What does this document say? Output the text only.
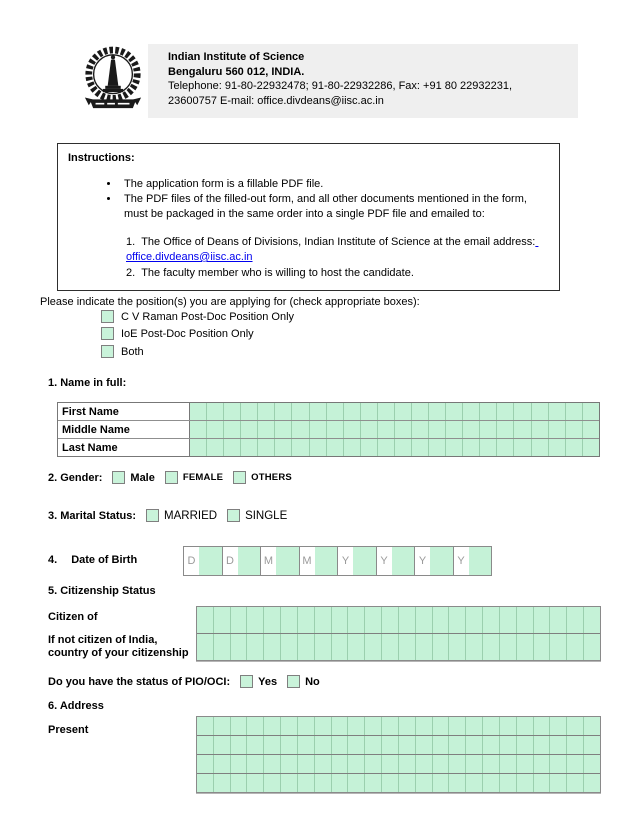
Indian Institute of Science
Bengaluru 560 012, INDIA.
Telephone: 91-80-22932478; 91-80-22932286, Fax: +91 80 22932231,
23600757 E-mail: office.divdeans@iisc.ac.in
Instructions:
• The application form is a fillable PDF file.
• The PDF files of the filled-out form, and all other documents mentioned in the form, must be packaged in the same order into a single PDF file and emailed to:
1. The Office of Deans of Divisions, Indian Institute of Science at the email address:
office.divdeans@iisc.ac.in
2. The faculty member who is willing to host the candidate.
Please indicate the position(s) you are applying for (check appropriate boxes):
1. Name in full:
First Name
Middle Name
Last Name
2. Gender:	Male	FEMALE	OTHERS
3. Marital Status: MARRIED SINGLE
4. Date of Birth	D	D	M	M	Y	Y	Y	Y
5. Citizenship Status
Citizen of
If not citizen of India,
country of your citizenship
Do you have the status of PIO/OCI:	Yes	No
6. Address
Present
C V Raman Post-Doc Position Only
IoE Post-Doc Position Only
Both
